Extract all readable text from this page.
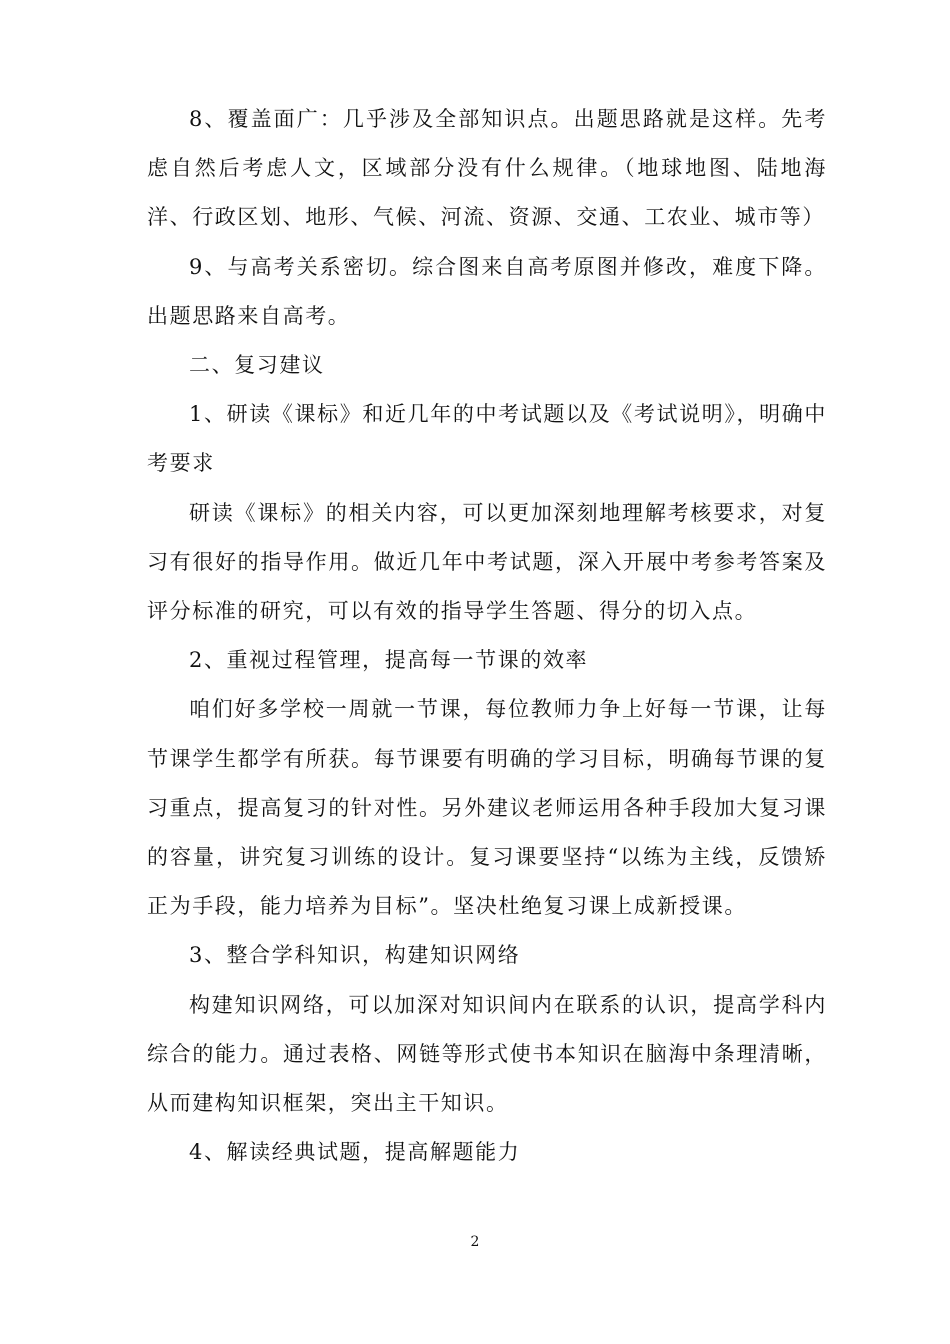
8、覆盖面广：几乎涉及全部知识点。出题思路就是这样。先考虑自然后考虑人文，区域部分没有什么规律。（地球地图、陆地海洋、行政区划、地形、气候、河流、资源、交通、工农业、城市等）

9、与高考关系密切。综合图来自高考原图并修改，难度下降。出题思路来自高考。

二、复习建议

1、研读《课标》和近几年的中考试题以及《考试说明》，明确中考要求

研读《课标》的相关内容，可以更加深刻地理解考核要求，对复习有很好的指导作用。做近几年中考试题，深入开展中考参考答案及评分标准的研究，可以有效的指导学生答题、得分的切入点。

2、重视过程管理，提高每一节课的效率

咱们好多学校一周就一节课，每位教师力争上好每一节课，让每节课学生都学有所获。每节课要有明确的学习目标，明确每节课的复习重点，提高复习的针对性。另外建议老师运用各种手段加大复习课的容量，讲究复习训练的设计。复习课要坚持“以练为主线，反馈矫正为手段，能力培养为目标”。坚决杜绝复习课上成新授课。

3、整合学科知识，构建知识网络

构建知识网络，可以加深对知识间内在联系的认识，提高学科内综合的能力。通过表格、网链等形式使书本知识在脑海中条理清晰，从而建构知识框架，突出主干知识。

4、解读经典试题，提高解题能力

2
